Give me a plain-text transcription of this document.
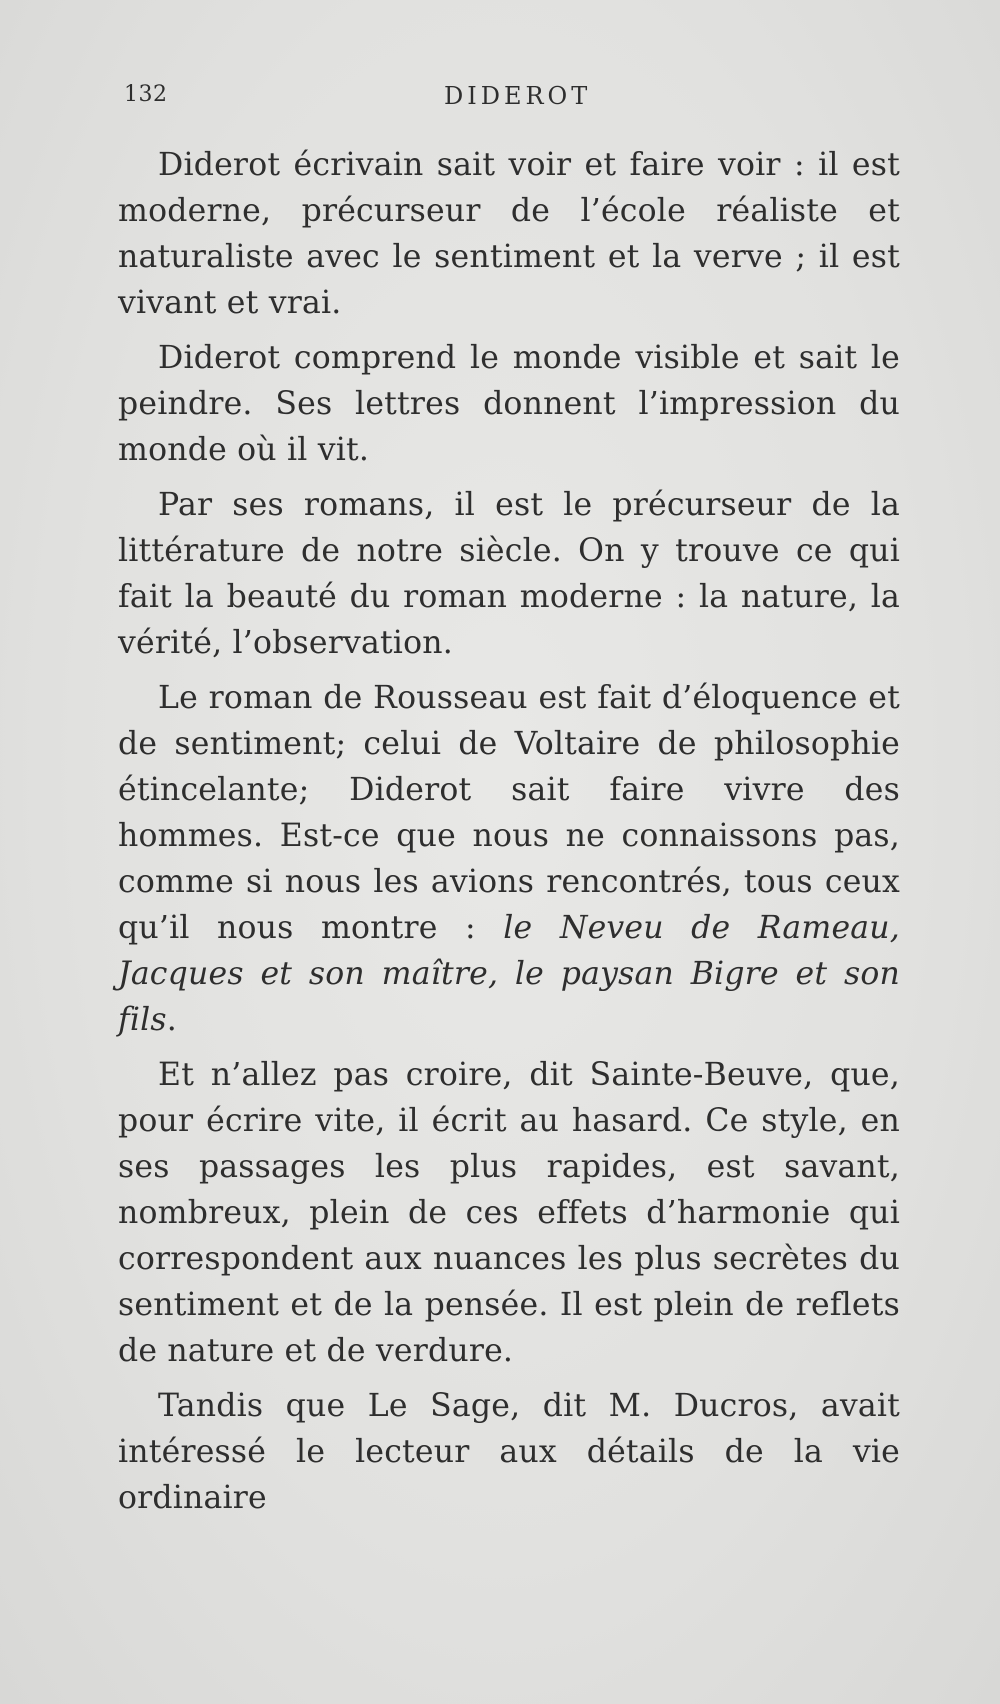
132	DIDEROT

Diderot écrivain sait voir et faire voir : il est moderne, précurseur de l’école réaliste et naturaliste avec le sentiment et la verve ; il est vivant et vrai.

Diderot comprend le monde visible et sait le peindre. Ses lettres donnent l’impression du monde où il vit.

Par ses romans, il est le précurseur de la littérature de notre siècle. On y trouve ce qui fait la beauté du roman moderne : la nature, la vérité, l’observation.

Le roman de Rousseau est fait d’éloquence et de sentiment; celui de Voltaire de philosophie étincelante; Diderot sait faire vivre des hommes. Est-ce que nous ne connaissons pas, comme si nous les avions rencontrés, tous ceux qu’il nous montre : le Neveu de Rameau, Jacques et son maître, le paysan Bigre et son fils.

Et n’allez pas croire, dit Sainte-Beuve, que, pour écrire vite, il écrit au hasard. Ce style, en ses passages les plus rapides, est savant, nombreux, plein de ces effets d’harmonie qui correspondent aux nuances les plus secrètes du sentiment et de la pensée. Il est plein de reflets de nature et de verdure.

Tandis que Le Sage, dit M. Ducros, avait intéressé le lecteur aux détails de la vie ordinaire
